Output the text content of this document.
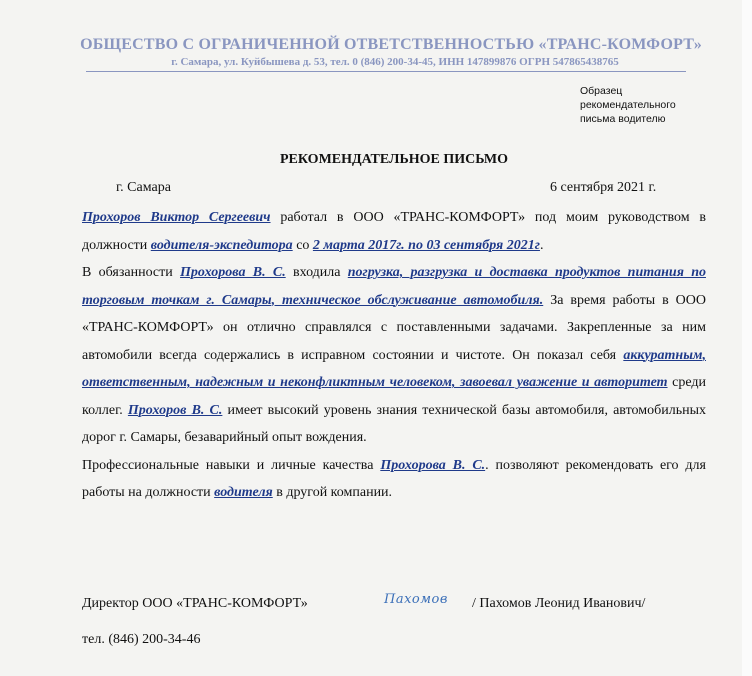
ОБЩЕСТВО С ОГРАНИЧЕННОЙ ОТВЕТСТВЕННОСТЬЮ «ТРАНС-КОМФОРТ»
г. Самара, ул. Куйбышева д. 53, тел. 0 (846) 200-34-45, ИНН 147899876 ОГРН 547865438765
Образец
рекомендательного
письма водителю
РЕКОМЕНДАТЕЛЬНОЕ ПИСЬМО
г. Самара	6 сентября 2021 г.

Прохоров Виктор Сергеевич работал в ООО «ТРАНС-КОМФОРТ» под моим руководством в должности водителя-экспедитора со 2 марта 2017г. по 03 сентября 2021г.

В обязанности Прохорова В. С. входила погрузка, разгрузка и доставка продуктов питания по торговым точкам г. Самары, техническое обслуживание автомобиля. За время работы в ООО «ТРАНС-КОМФОРТ» он отлично справлялся с поставленными задачами. Закрепленные за ним автомобили всегда содержались в исправном состоянии и чистоте. Он показал себя аккуратным, ответственным, надежным и неконфликтным человеком, завоевал уважение и авторитет среди коллег. Прохоров В. С. имеет высокий уровень знания технической базы автомобиля, автомобильных дорог г. Самары, безаварийный опыт вождения.

Профессиональные навыки и личные качества Прохорова В. С.. позволяют рекомендовать его для работы на должности водителя в другой компании.

Директор ООО «ТРАНС-КОМФОРТ»	Пахомов / Пахомов Леонид Иванович/
тел. (846) 200-34-46
